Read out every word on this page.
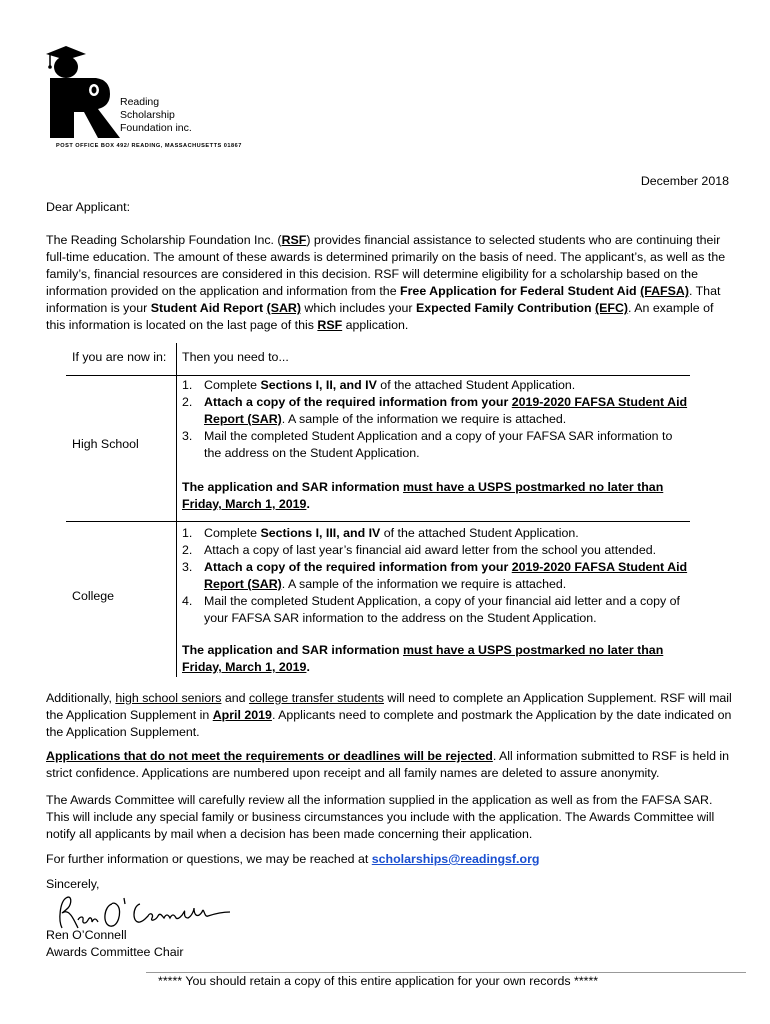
Reading
Scholarship
Foundation inc.
POST OFFICE BOX 492/ READING, MASSACHUSETTS 01867
December 2018
Dear Applicant:
The Reading Scholarship Foundation Inc. (RSF) provides financial assistance to selected students who are continuing their full-time education. The amount of these awards is determined primarily on the basis of need. The applicant’s, as well as the family’s, financial resources are considered in this decision. RSF will determine eligibility for a scholarship based on the information provided on the application and information from the Free Application for Federal Student Aid (FAFSA). That information is your Student Aid Report (SAR) which includes your Expected Family Contribution (EFC). An example of this information is located on the last page of this RSF application.
If you are now in: Then you need to...
High School
1. Complete Sections I, II, and IV of the attached Student Application.
2. Attach a copy of the required information from your 2019-2020 FAFSA Student Aid Report (SAR). A sample of the information we require is attached.
3. Mail the completed Student Application and a copy of your FAFSA SAR information to the address on the Student Application.
The application and SAR information must have a USPS postmarked no later than Friday, March 1, 2019.
College
1. Complete Sections I, III, and IV of the attached Student Application.
2. Attach a copy of last year’s financial aid award letter from the school you attended.
3. Attach a copy of the required information from your 2019-2020 FAFSA Student Aid Report (SAR). A sample of the information we require is attached.
4. Mail the completed Student Application, a copy of your financial aid letter and a copy of your FAFSA SAR information to the address on the Student Application.
The application and SAR information must have a USPS postmarked no later than Friday, March 1, 2019.
Additionally, high school seniors and college transfer students will need to complete an Application Supplement. RSF will mail the Application Supplement in April 2019. Applicants need to complete and postmark the Application by the date indicated on the Application Supplement.
Applications that do not meet the requirements or deadlines will be rejected. All information submitted to RSF is held in strict confidence. Applications are numbered upon receipt and all family names are deleted to assure anonymity.
The Awards Committee will carefully review all the information supplied in the application as well as from the FAFSA SAR. This will include any special family or business circumstances you include with the application. The Awards Committee will notify all applicants by mail when a decision has been made concerning their application.
For further information or questions, we may be reached at scholarships@readingsf.org
Sincerely,
Ren O’Connell
Awards Committee Chair
***** You should retain a copy of this entire application for your own records *****
